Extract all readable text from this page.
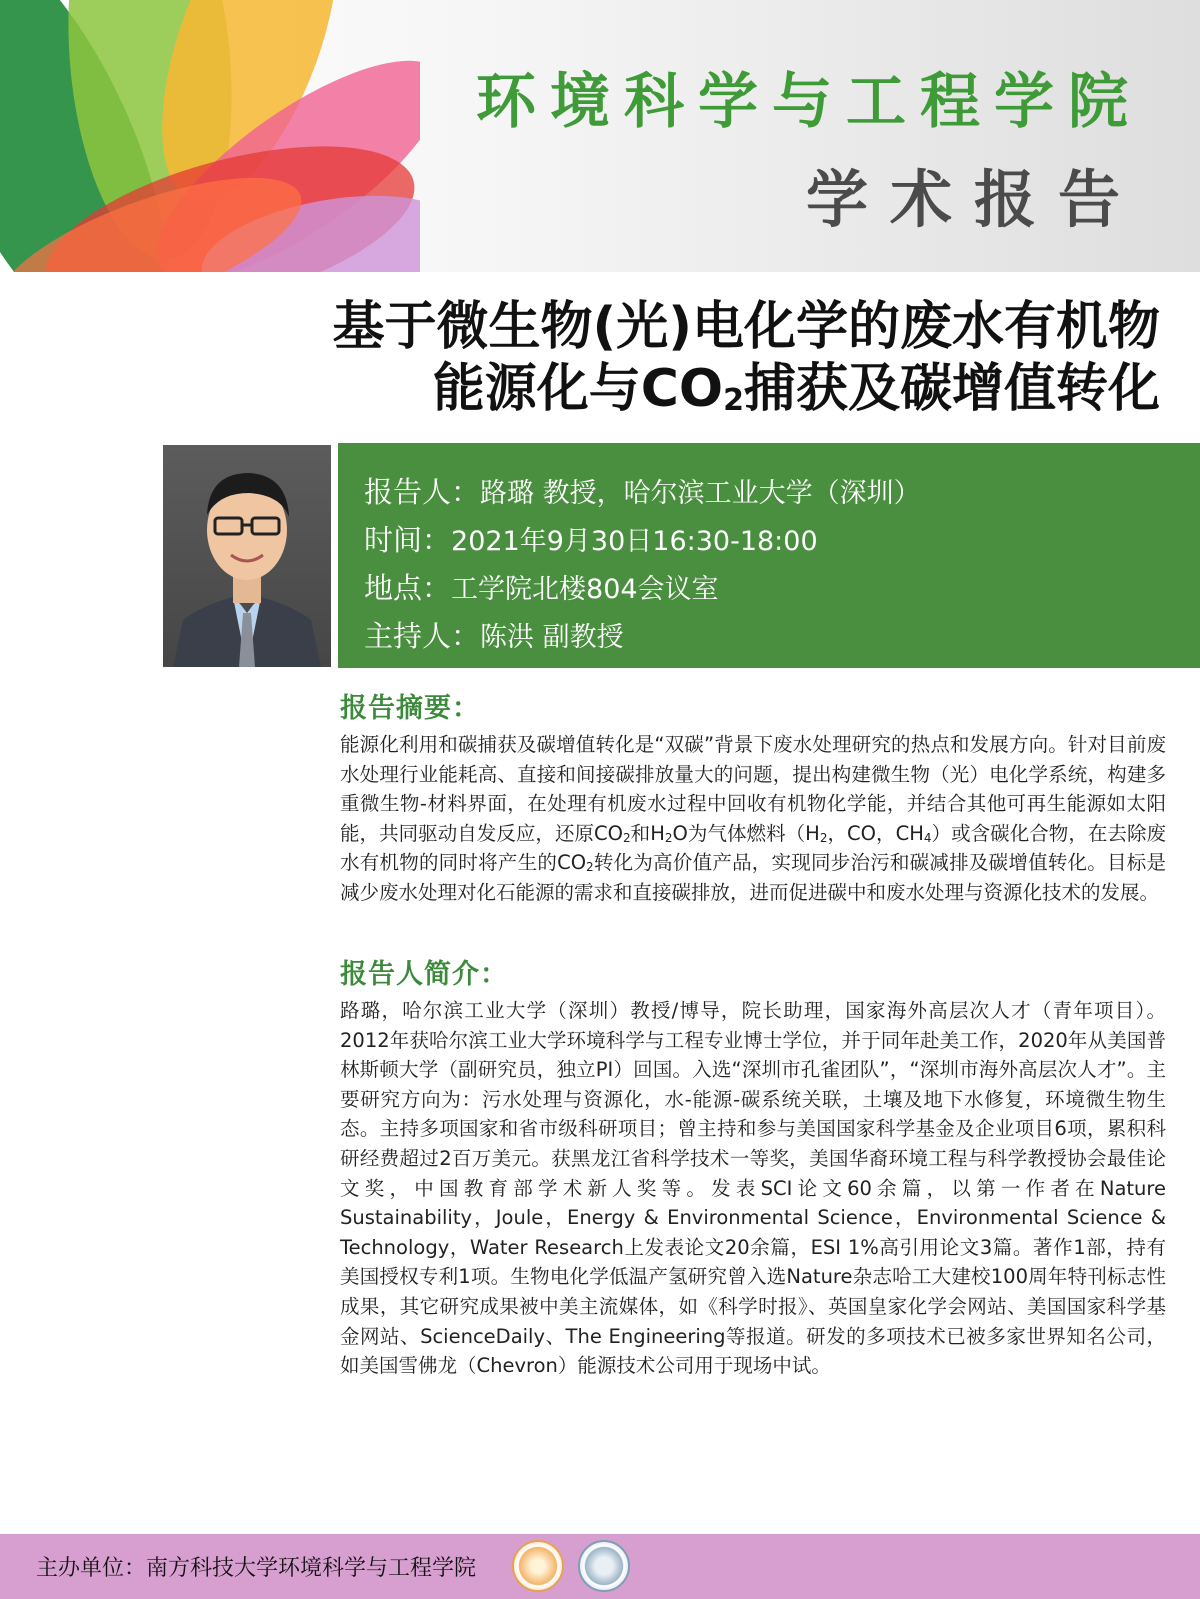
环境科学与工程学院
学术报告
基于微生物(光)电化学的废水有机物
能源化与$CO_2$捕获及碳增值转化
报告人：路璐 教授，哈尔滨工业大学（深圳）
时间：2021年9月30日16:30-18:00
地点：工学院北楼804会议室
主持人：陈洪 副教授
报告摘要：
能源化利用和碳捕获及碳增值转化是“双碳”背景下废水处理研究的热点和发展方向。针对目前废水处理行业能耗高、直接和间接碳排放量大的问题，提出构建微生物（光）电化学系统，构建多重微生物-材料界面，在处理有机废水过程中回收有机物化学能，并结合其他可再生能源如太阳能，共同驱动自发反应，还原$CO_2$和$H_2O$为气体燃料（$H_2$，CO，$CH_4$）或含碳化合物，在去除废水有机物的同时将产生的$CO_2$转化为高价值产品，实现同步治污和碳减排及碳增值转化。目标是减少废水处理对化石能源的需求和直接碳排放，进而促进碳中和废水处理与资源化技术的发展。
报告人简介：
路璐，哈尔滨工业大学（深圳）教授/博导，院长助理，国家海外高层次人才（青年项目）。2012年获哈尔滨工业大学环境科学与工程专业博士学位，并于同年赴美工作，2020年从美国普林斯顿大学（副研究员，独立PI）回国。入选“深圳市孔雀团队”，“深圳市海外高层次人才”。主要研究方向为：污水处理与资源化，水-能源-碳系统关联，土壤及地下水修复，环境微生物生态。主持多项国家和省市级科研项目；曾主持和参与美国国家科学基金及企业项目6项，累积科研经费超过2百万美元。获黑龙江省科学技术一等奖，美国华裔环境工程与科学教授协会最佳论文奖，中国教育部学术新人奖等。发表SCI论文60余篇，以第一作者在Nature Sustainability，Joule，Energy & Environmental Science，Environmental Science & Technology，Water Research上发表论文20余篇，ESI 1%高引用论文3篇。著作1部，持有美国授权专利1项。生物电化学低温产氢研究曾入选Nature杂志哈工大建校100周年特刊标志性成果，其它研究成果被中美主流媒体，如《科学时报》、英国皇家化学会网站、美国国家科学基金网站、ScienceDaily、The Engineering等报道。研发的多项技术已被多家世界知名公司，如美国雪佛龙（Chevron）能源技术公司用于现场中试。
主办单位：南方科技大学环境科学与工程学院
